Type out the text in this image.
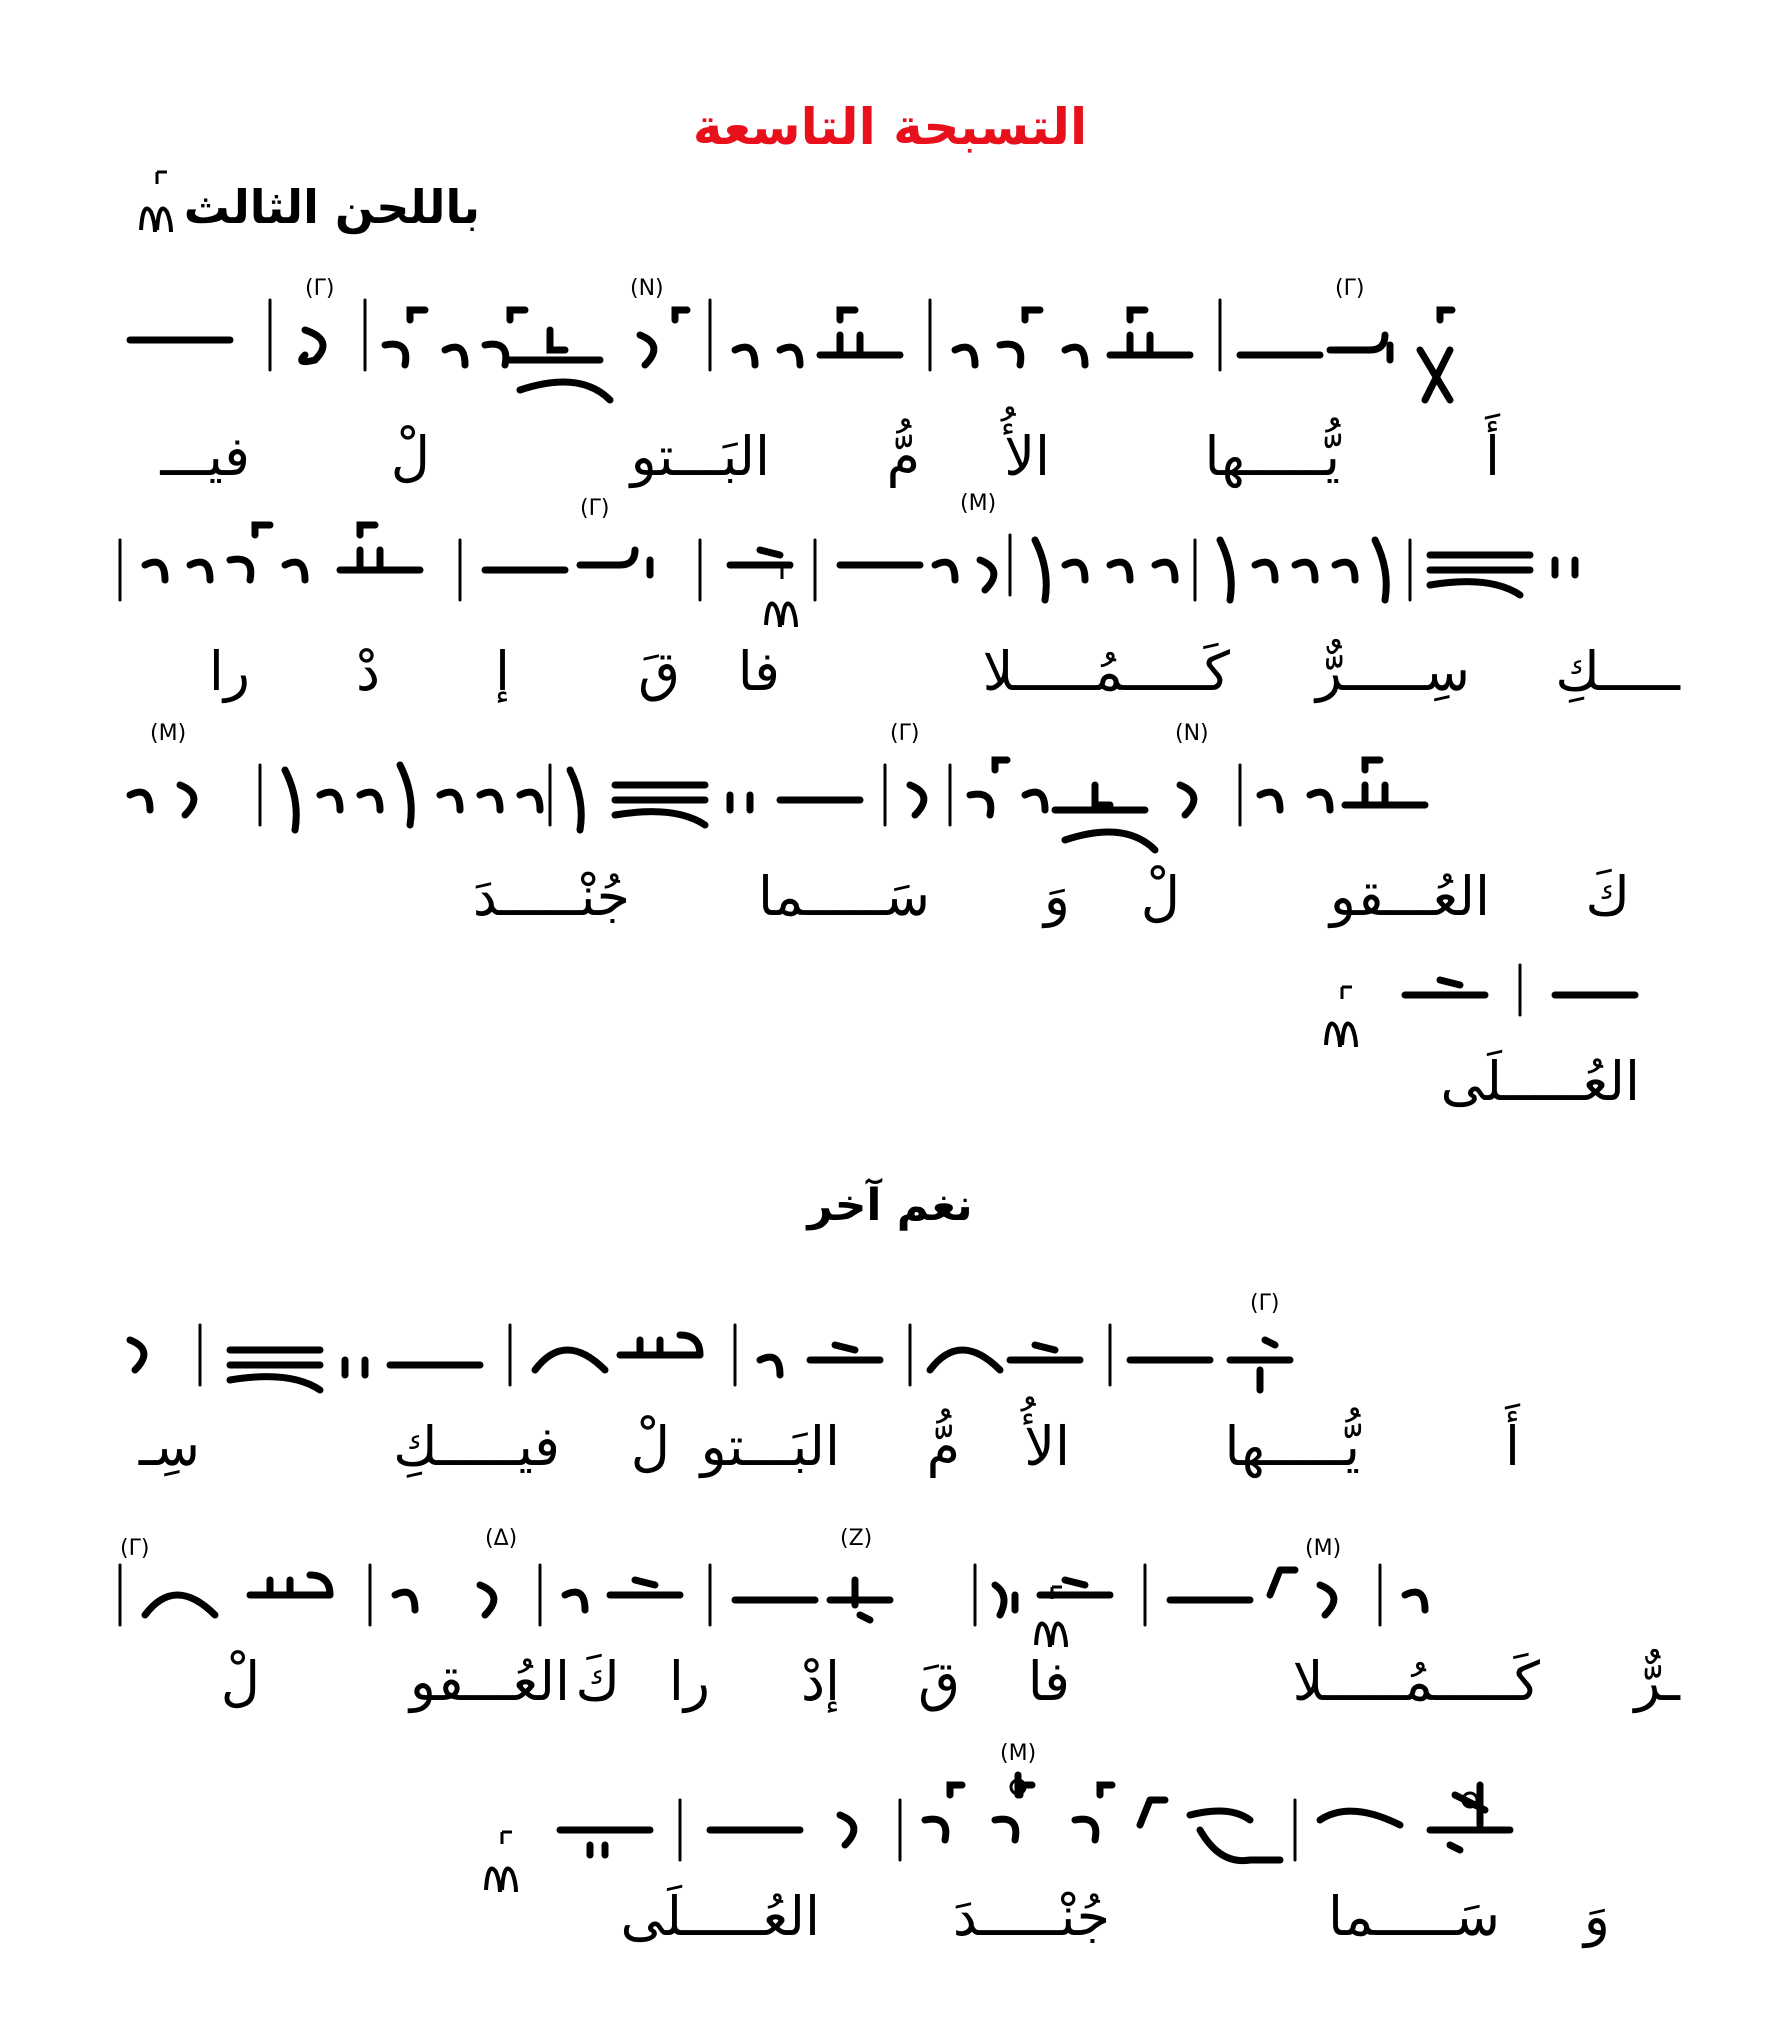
التسبحة التاسعة
باللحن الثالث
(Γ)	(N)	(Γ)
أَ
يُّـــــها
الأُ
مُّ
البَـــتو
لْ
فيـــ
(Γ)	(M)
ـــــكِ
سِـــــرٌّ
كَـــــمُـــــلا
فا
قَ
إ
دْ
را
(M)	(Γ)	(N)
كَ
العُـــقو
لْ
وَ
سَـــــما
جُنْـــــدَ
العُـــــلَى
نغم آخر
(Γ)
أَ
يُّـــــها
الأُ
مُّ
البَـــتو
لْ
فيـــــكِ
سِـ
(Γ)	(Δ)	(Z)	(M)
ـرٌّ
كَـــــمُـــــلا
فا
قَ
إدْ
را
كَ
العُـــقو
لْ
(M)
وَ
سَـــــما
جُنْـــــدَ
العُـــــلَى
